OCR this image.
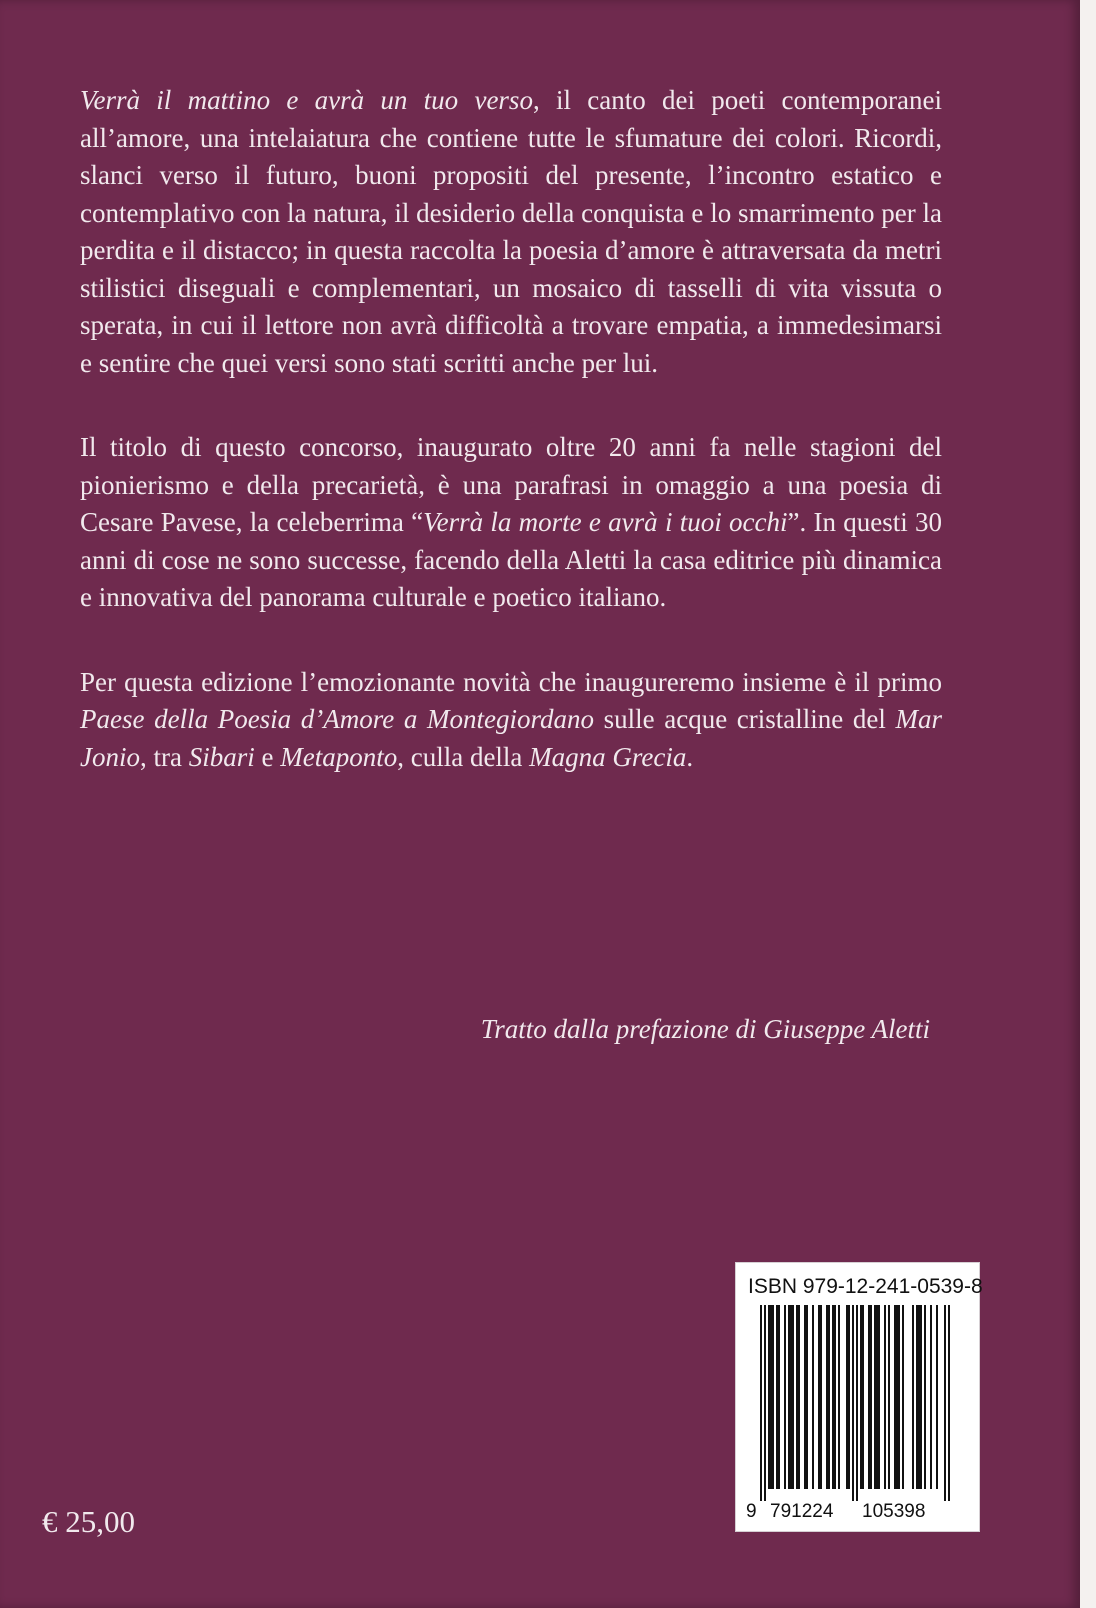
Verrà il mattino e avrà un tuo verso, il canto dei poeti contemporanei all’amore, una intelaiatura che contiene tutte le sfumature dei colori. Ricordi, slanci verso il futuro, buoni propositi del presente, l’incontro estatico e contemplativo con la natura, il desiderio della conquista e lo smarrimento per la perdita e il distacco; in questa raccolta la poesia d’amore è attraversata da metri stilistici diseguali e complementari, un mosaico di tasselli di vita vissuta o sperata, in cui il lettore non avrà difficoltà a trovare empatia, a immedesimarsi e sentire che quei versi sono stati scritti anche per lui.

Il titolo di questo concorso, inaugurato oltre 20 anni fa nelle stagioni del pionierismo e della precarietà, è una parafrasi in omaggio a una poesia di Cesare Pavese, la celeberrima “Verrà la morte e avrà i tuoi occhi”. In questi 30 anni di cose ne sono successe, facendo della Aletti la casa editrice più dinamica e innovativa del panorama culturale e poetico italiano.

Per questa edizione l’emozionante novità che inaugureremo insieme è il primo Paese della Poesia d’Amore a Montegiordano sulle acque cristalline del Mar Jonio, tra Sibari e Metaponto, culla della Magna Grecia.

Tratto dalla prefazione di Giuseppe Aletti
ISBN 979-12-241-0539-8
9 791224 105398
€ 25,00
